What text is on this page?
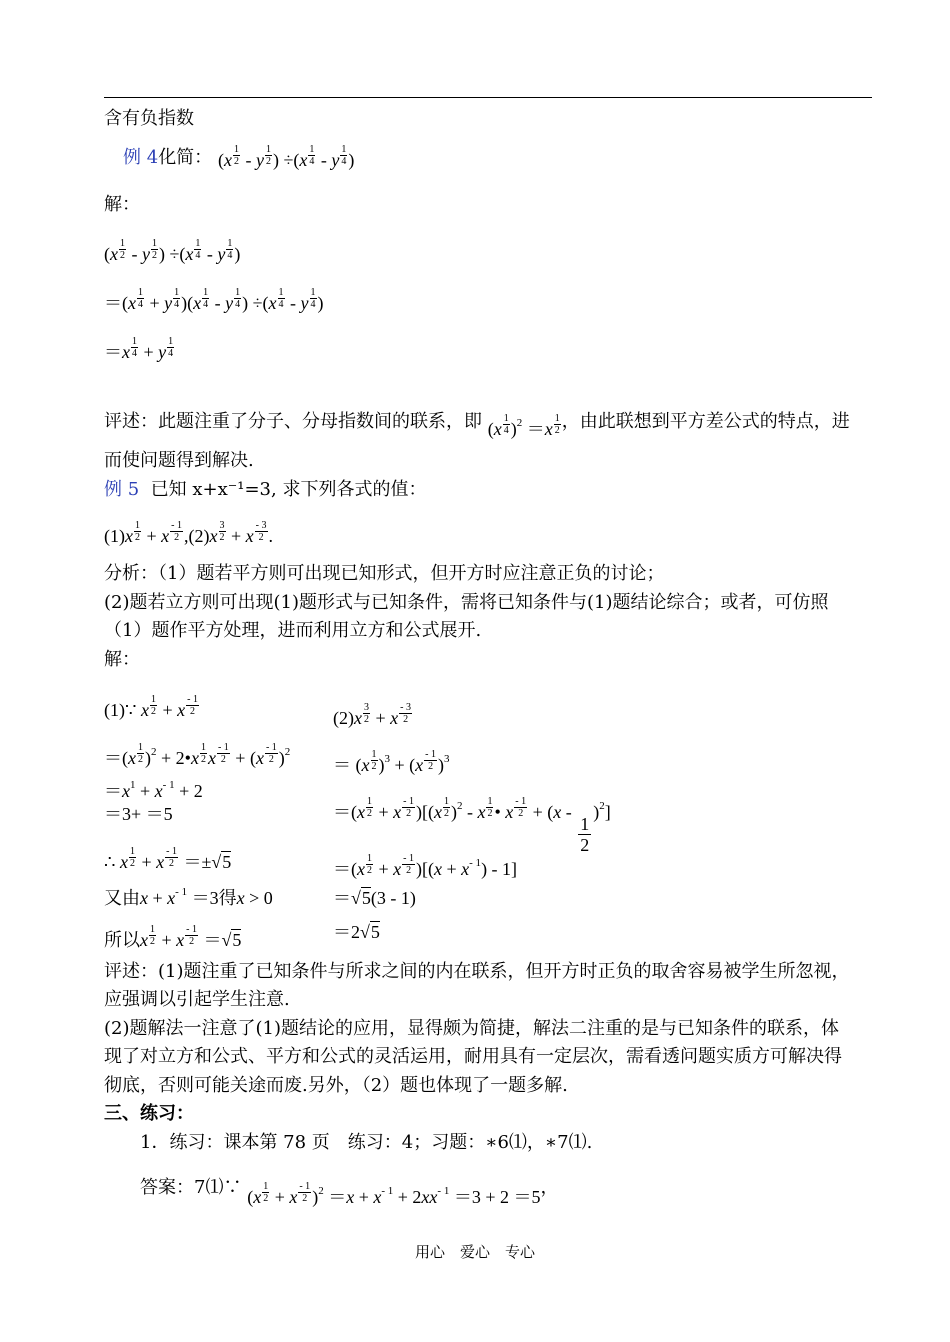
含有负指数
例 4化简： ($x \frac{1}{2}$ - y $\frac{1}{2}$ ) $\div(x \frac{1}{4} - y \frac{1}{4}$ )
解：
($x \frac{1}{2}$ - y $\frac{1}{2}$ ) $\div(x \frac{1}{4} - y \frac{1}{4}$ )
$=(x \frac{1}{4} + y \frac{1}{4} )(x \frac{1}{4} - y \frac{1}{4}$ ) $\div(x \frac{1}{4} - y \frac{1}{4}$ )
$=x \frac{1}{4} + y \frac{1}{4}$
评述：此题注重了分子、分母指数间的联系，即 $(x \frac{1}{4} )^2 =x \frac{1}{2}$ ，由此联想到平方差公式的特点，进
而使问题得到解决.
例 5 已知 x+x⁻¹=3, 求下列各式的值：
$(1)x \frac{1}{2} + x \frac{- 1}{2} ,(2)x \frac{3}{2} + x \frac{- 3}{2}$ .
分析：（1）题若平方则可出现已知形式，但开方时应注意正负的讨论；
(2)题若立方则可出现(1)题形式与已知条件，需将已知条件与(1)题结论综合；或者，可仿照
（1）题作平方处理，进而利用立方和公式展开.
解：
(1)∵ x $\frac{1}{2} + x \frac{- 1}{2}$
$=(x \frac{1}{2} )^2$ + 2•x $\frac{1}{2}$ x $\frac{- 1}{2} + (x \frac{- 1}{2} )^2$
$=x^1 + x^{- 1} + 2$
＝3+ ＝5
∴ x $\frac{1}{2} + x \frac{- 1}{2} =\pm√5$
又由$x + x^{- 1} =3$得x > 0
所以x $\frac{1}{2} + x \frac{- 1}{2} =√5$
$(2)x \frac{3}{2} + x \frac{- 3}{2}$
＝ $(x \frac{1}{2} )^3 + (x \frac{- 1}{2} )^3$
$=(x \frac{1}{2} + x \frac{- 1}{2} )[(x \frac{1}{2} )^2 - x \frac{1}{2}$ • x $\frac{- 1}{2} + (x$ -
$\frac{1}{2}$
)$^2$]
$=(x \frac{1}{2} + x \frac{- 1}{2} )[(x + x^{- 1}) - 1]$
＝√5(3 - 1)
＝2√5
评述：(1)题注重了已知条件与所求之间的内在联系，但开方时正负的取舍容易被学生所忽视，
应强调以引起学生注意.
(2)题解法一注意了(1)题结论的应用，显得颇为简捷，解法二注重的是与已知条件的联系，体
现了对立方和公式、平方和公式的灵活运用，耐用具有一定层次，需看透问题实质方可解决得
彻底，否则可能关途而废.另外，（2）题也体现了一题多解.
三、练习：
1．练习：课本第 78 页　练习：4；习题：∗6⑴，∗7⑴.
答案：7⑴∵ $(x \frac{1}{2} + x \frac{- 1}{2} )^2 =x + x^{- 1} + 2xx^{- 1} =3 + 2 =5$，
用心　爱心　专心
